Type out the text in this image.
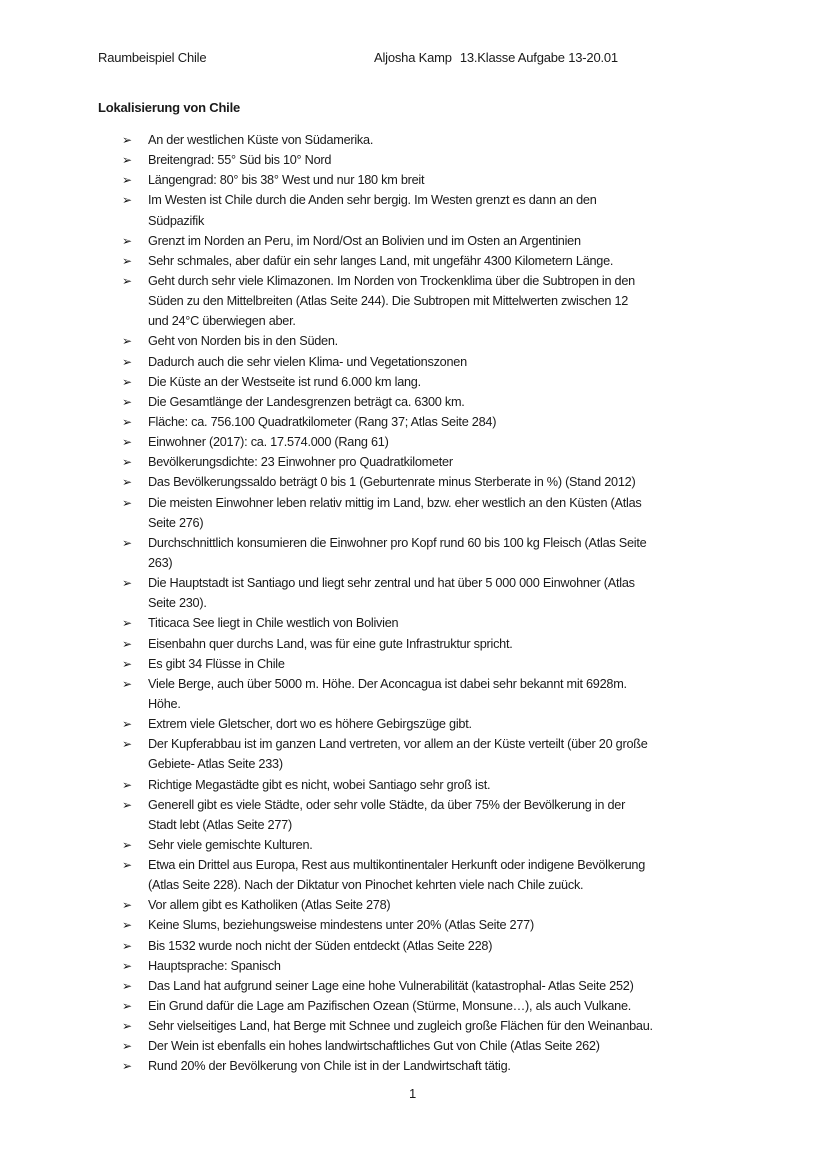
Raumbeispiel Chile	Aljosha Kamp 13.Klasse Aufgabe 13-20.01
Lokalisierung von Chile
➢ An der westlichen Küste von Südamerika.
➢ Breitengrad: 55° Süd bis 10° Nord
➢ Längengrad: 80° bis 38° West und nur 180 km breit
➢ Im Westen ist Chile durch die Anden sehr bergig. Im Westen grenzt es dann an den
Südpazifik
➢ Grenzt im Norden an Peru, im Nord/Ost an Bolivien und im Osten an Argentinien
➢ Sehr schmales, aber dafür ein sehr langes Land, mit ungefähr 4300 Kilometern Länge.
➢ Geht durch sehr viele Klimazonen. Im Norden von Trockenklima über die Subtropen in den
Süden zu den Mittelbreiten (Atlas Seite 244). Die Subtropen mit Mittelwerten zwischen 12
und 24°C überwiegen aber.
➢ Geht von Norden bis in den Süden.
➢ Dadurch auch die sehr vielen Klima- und Vegetationszonen
➢ Die Küste an der Westseite ist rund 6.000 km lang.
➢ Die Gesamtlänge der Landesgrenzen beträgt ca. 6300 km.
➢ Fläche: ca. 756.100 Quadratkilometer (Rang 37; Atlas Seite 284)
➢ Einwohner (2017): ca. 17.574.000 (Rang 61)
➢ Bevölkerungsdichte: 23 Einwohner pro Quadratkilometer
➢ Das Bevölkerungssaldo beträgt 0 bis 1 (Geburtenrate minus Sterberate in %) (Stand 2012)
➢ Die meisten Einwohner leben relativ mittig im Land, bzw. eher westlich an den Küsten (Atlas
Seite 276)
➢ Durchschnittlich konsumieren die Einwohner pro Kopf rund 60 bis 100 kg Fleisch (Atlas Seite
263)
➢ Die Hauptstadt ist Santiago und liegt sehr zentral und hat über 5 000 000 Einwohner (Atlas
Seite 230).
➢ Titicaca See liegt in Chile westlich von Bolivien
➢ Eisenbahn quer durchs Land, was für eine gute Infrastruktur spricht.
➢ Es gibt 34 Flüsse in Chile
➢ Viele Berge, auch über 5000 m. Höhe. Der Aconcagua ist dabei sehr bekannt mit 6928m.
Höhe.
➢ Extrem viele Gletscher, dort wo es höhere Gebirgszüge gibt.
➢ Der Kupferabbau ist im ganzen Land vertreten, vor allem an der Küste verteilt (über 20 große
Gebiete- Atlas Seite 233)
➢ Richtige Megastädte gibt es nicht, wobei Santiago sehr groß ist.
➢ Generell gibt es viele Städte, oder sehr volle Städte, da über 75% der Bevölkerung in der
Stadt lebt (Atlas Seite 277)
➢ Sehr viele gemischte Kulturen.
➢ Etwa ein Drittel aus Europa, Rest aus multikontinentaler Herkunft oder indigene Bevölkerung
(Atlas Seite 228). Nach der Diktatur von Pinochet kehrten viele nach Chile zuück.
➢ Vor allem gibt es Katholiken (Atlas Seite 278)
➢ Keine Slums, beziehungsweise mindestens unter 20% (Atlas Seite 277)
➢ Bis 1532 wurde noch nicht der Süden entdeckt (Atlas Seite 228)
➢ Hauptsprache: Spanisch
➢ Das Land hat aufgrund seiner Lage eine hohe Vulnerabilität (katastrophal- Atlas Seite 252)
➢ Ein Grund dafür die Lage am Pazifischen Ozean (Stürme, Monsune…), als auch Vulkane.
➢ Sehr vielseitiges Land, hat Berge mit Schnee und zugleich große Flächen für den Weinanbau.
➢ Der Wein ist ebenfalls ein hohes landwirtschaftliches Gut von Chile (Atlas Seite 262)
➢ Rund 20% der Bevölkerung von Chile ist in der Landwirtschaft tätig.
1
